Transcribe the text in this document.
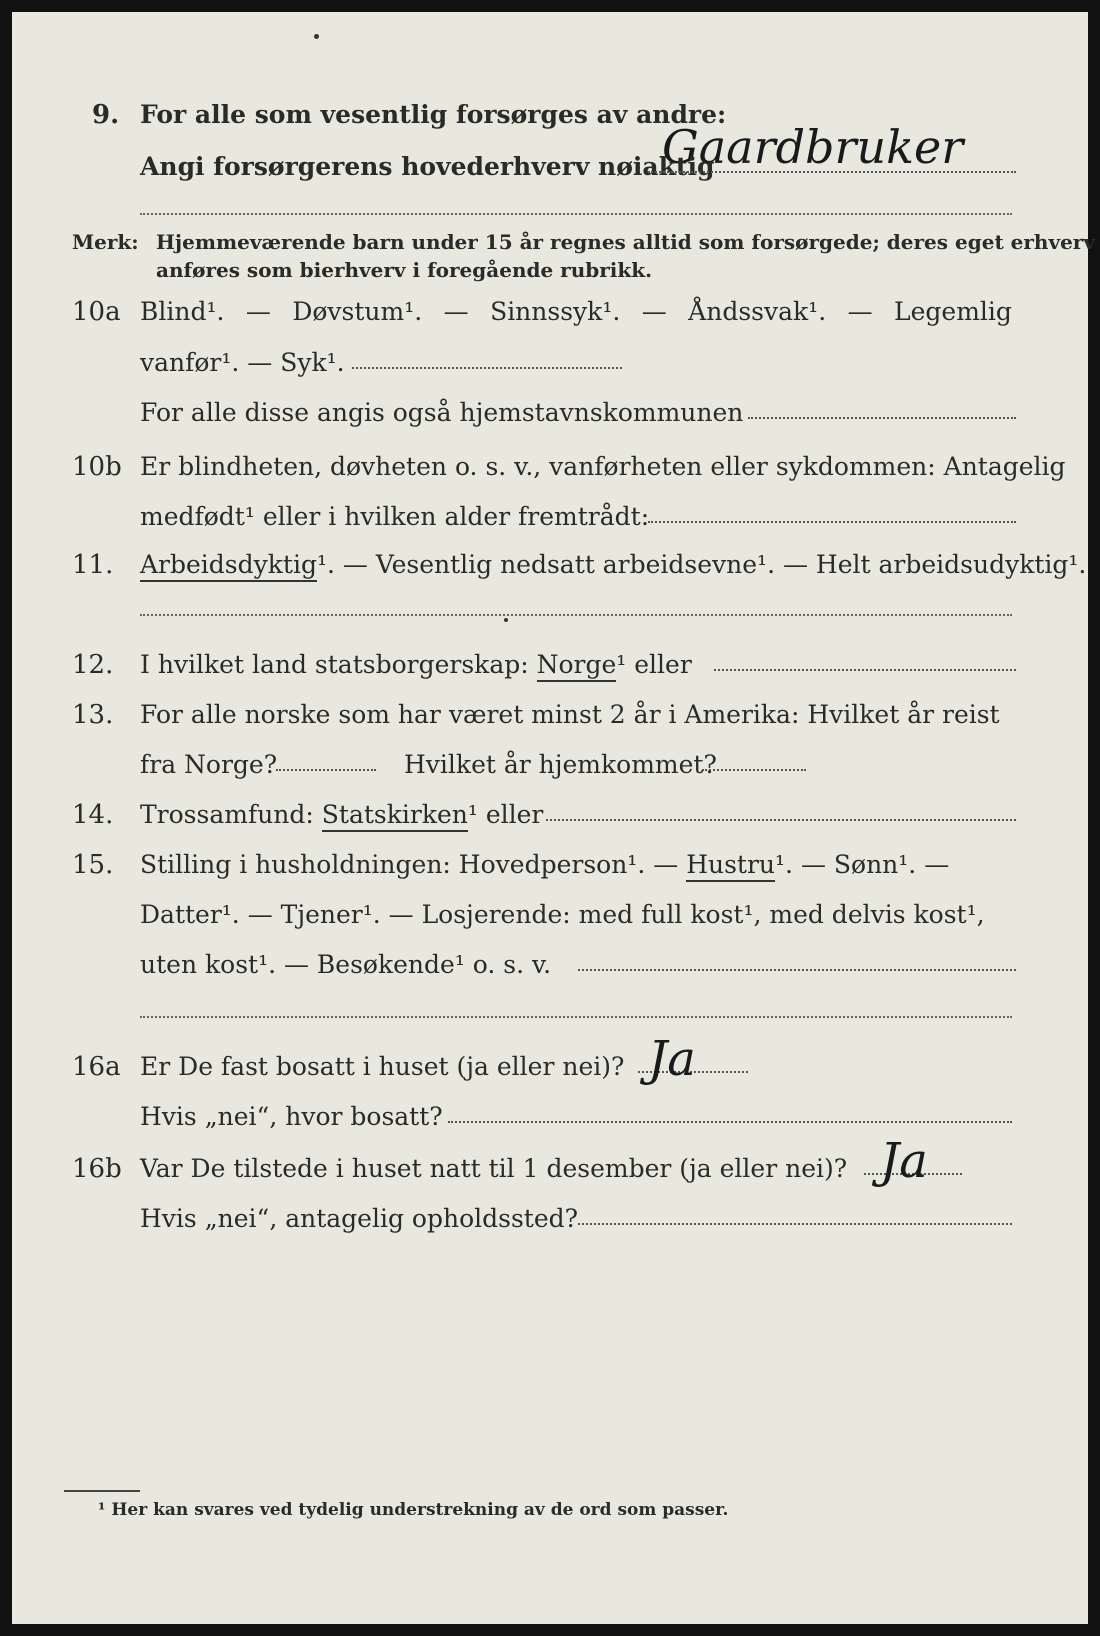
9. For alle som vesentlig forsørges av andre:
Gaardbruker
Angi forsørgerens hovederhverv nøiaktig
Merk: Hjemmeværende barn under 15 år regnes alltid som forsørgede; deres eget erhverv
anføres som bierhverv i foregående rubrikk.
10a Blind¹. — Døvstum¹. — Sinnssyk¹. — Åndssvak¹. — Legemlig
vanfør¹. — Syk¹.
For alle disse angis også hjemstavnskommunen
10b Er blindheten, døvheten o. s. v., vanførheten eller sykdommen: Antagelig
medfødt¹ eller i hvilken alder fremtrådt:
11. Arbeidsdyktig¹. — Vesentlig nedsatt arbeidsevne¹. — Helt arbeidsudyktig¹.
12. I hvilket land statsborgerskap: Norge¹ eller
13. For alle norske som har været minst 2 år i Amerika: Hvilket år reist
fra Norge?	Hvilket år hjemkommet?
14. Trossamfund: Statskirken¹ eller
15. Stilling i husholdningen: Hovedperson¹. — Hustru¹. — Sønn¹. —
Datter¹. — Tjener¹. — Losjerende: med full kost¹, med delvis kost¹,
uten kost¹. — Besøkende¹ o. s. v.
16a Er De fast bosatt i huset (ja eller nei)? Ja
Hvis „nei“, hvor bosatt?
16b Var De tilstede i huset natt til 1 desember (ja eller nei)? Ja
Hvis „nei“, antagelig opholdssted?
¹ Her kan svares ved tydelig understrekning av de ord som passer.
